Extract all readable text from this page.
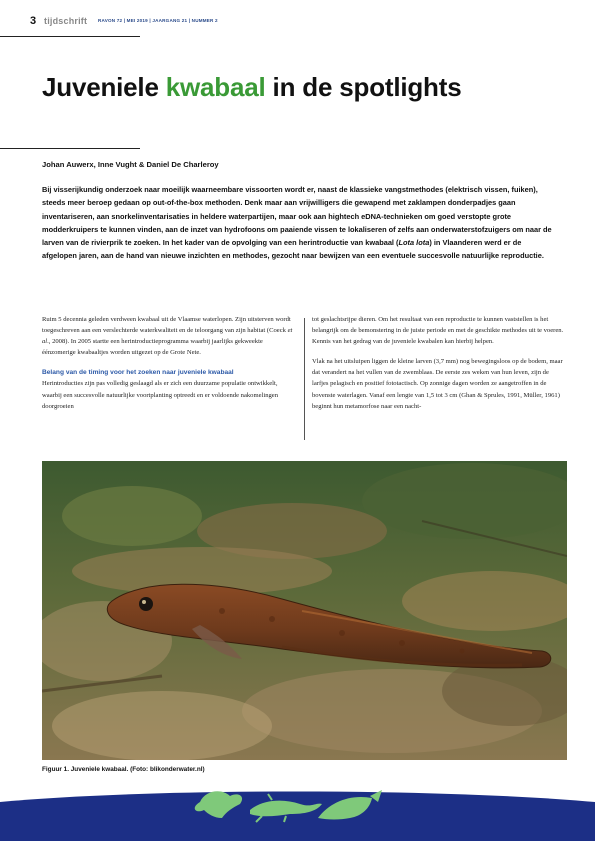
3 tijdschrift RAVON 72 | MEI 2019 | JAARGANG 21 | NUMMER 2
Juveniele kwabaal in de spotlights
Johan Auwerx, Inne Vught & Daniel De Charleroy
Bij visserijkundig onderzoek naar moeilijk waarneembare vissoorten wordt er, naast de klassieke vangstmethodes (elektrisch vissen, fuiken), steeds meer beroep gedaan op out-of-the-box methoden. Denk maar aan vrijwilligers die gewapend met zaklampen donderpadjes gaan inventariseren, aan snorkelinventarisaties in heldere waterpartijen, maar ook aan hightech eDNA-technieken om goed verstopte grote modderkruipers te kunnen vinden, aan de inzet van hydrofoons om paaiende vissen te lokaliseren of zelfs aan onderwaterstofzuigers om naar de larven van de rivierprik te zoeken. In het kader van de opvolging van een herintroductie van kwabaal (Lota lota) in Vlaanderen werd er de afgelopen jaren, aan de hand van nieuwe inzichten en methodes, gezocht naar bewijzen van een eventuele succesvolle natuurlijke reproductie.

Ruim 5 decennia geleden verdween kwabaal uit de Vlaamse waterlopen. Zijn uitsterven wordt toegeschreven aan een verslechterde waterkwaliteit en de teloorgang van zijn habitat (Coeck et al., 2008). In 2005 startte een herintroductieprogramma waarbij jaarlijks gekweekte éénzomerige kwabaaltjes worden uitgezet op de Grote Nete.

Belang van de timing voor het zoeken naar juveniele kwabaal

Herintroducties zijn pas volledig geslaagd als er zich een duurzame populatie ontwikkelt, waarbij een succesvolle natuurlijke voortplanting optreedt en er voldoende nakomelingen doorgroeien

tot geslachtsrijpe dieren. Om het resultaat van een reproductie te kunnen vaststellen is het belangrijk om de bemonstering in de juiste periode en met de geschikte methodes uit te voeren. Kennis van het gedrag van de juveniele kwabalen kan hierbij helpen.

Vlak na het uitsluipen liggen de kleine larven (3,7 mm) nog bewegingsloos op de bodem, maar dat verandert na het vullen van de zwemblaas. De eerste zes weken van hun leven, zijn de larfjes pelagisch en positief fototactisch. Op zonnige dagen worden ze aangetroffen in de bovenste waterlagen. Vanaf een lengte van 1,5 tot 3 cm (Ghan & Sprules, 1991, Müller, 1961) beginnt hun metamorfose naar een nacht-

Figuur 1. Juveniele kwabaal. (Foto: blikonderwater.nl)
